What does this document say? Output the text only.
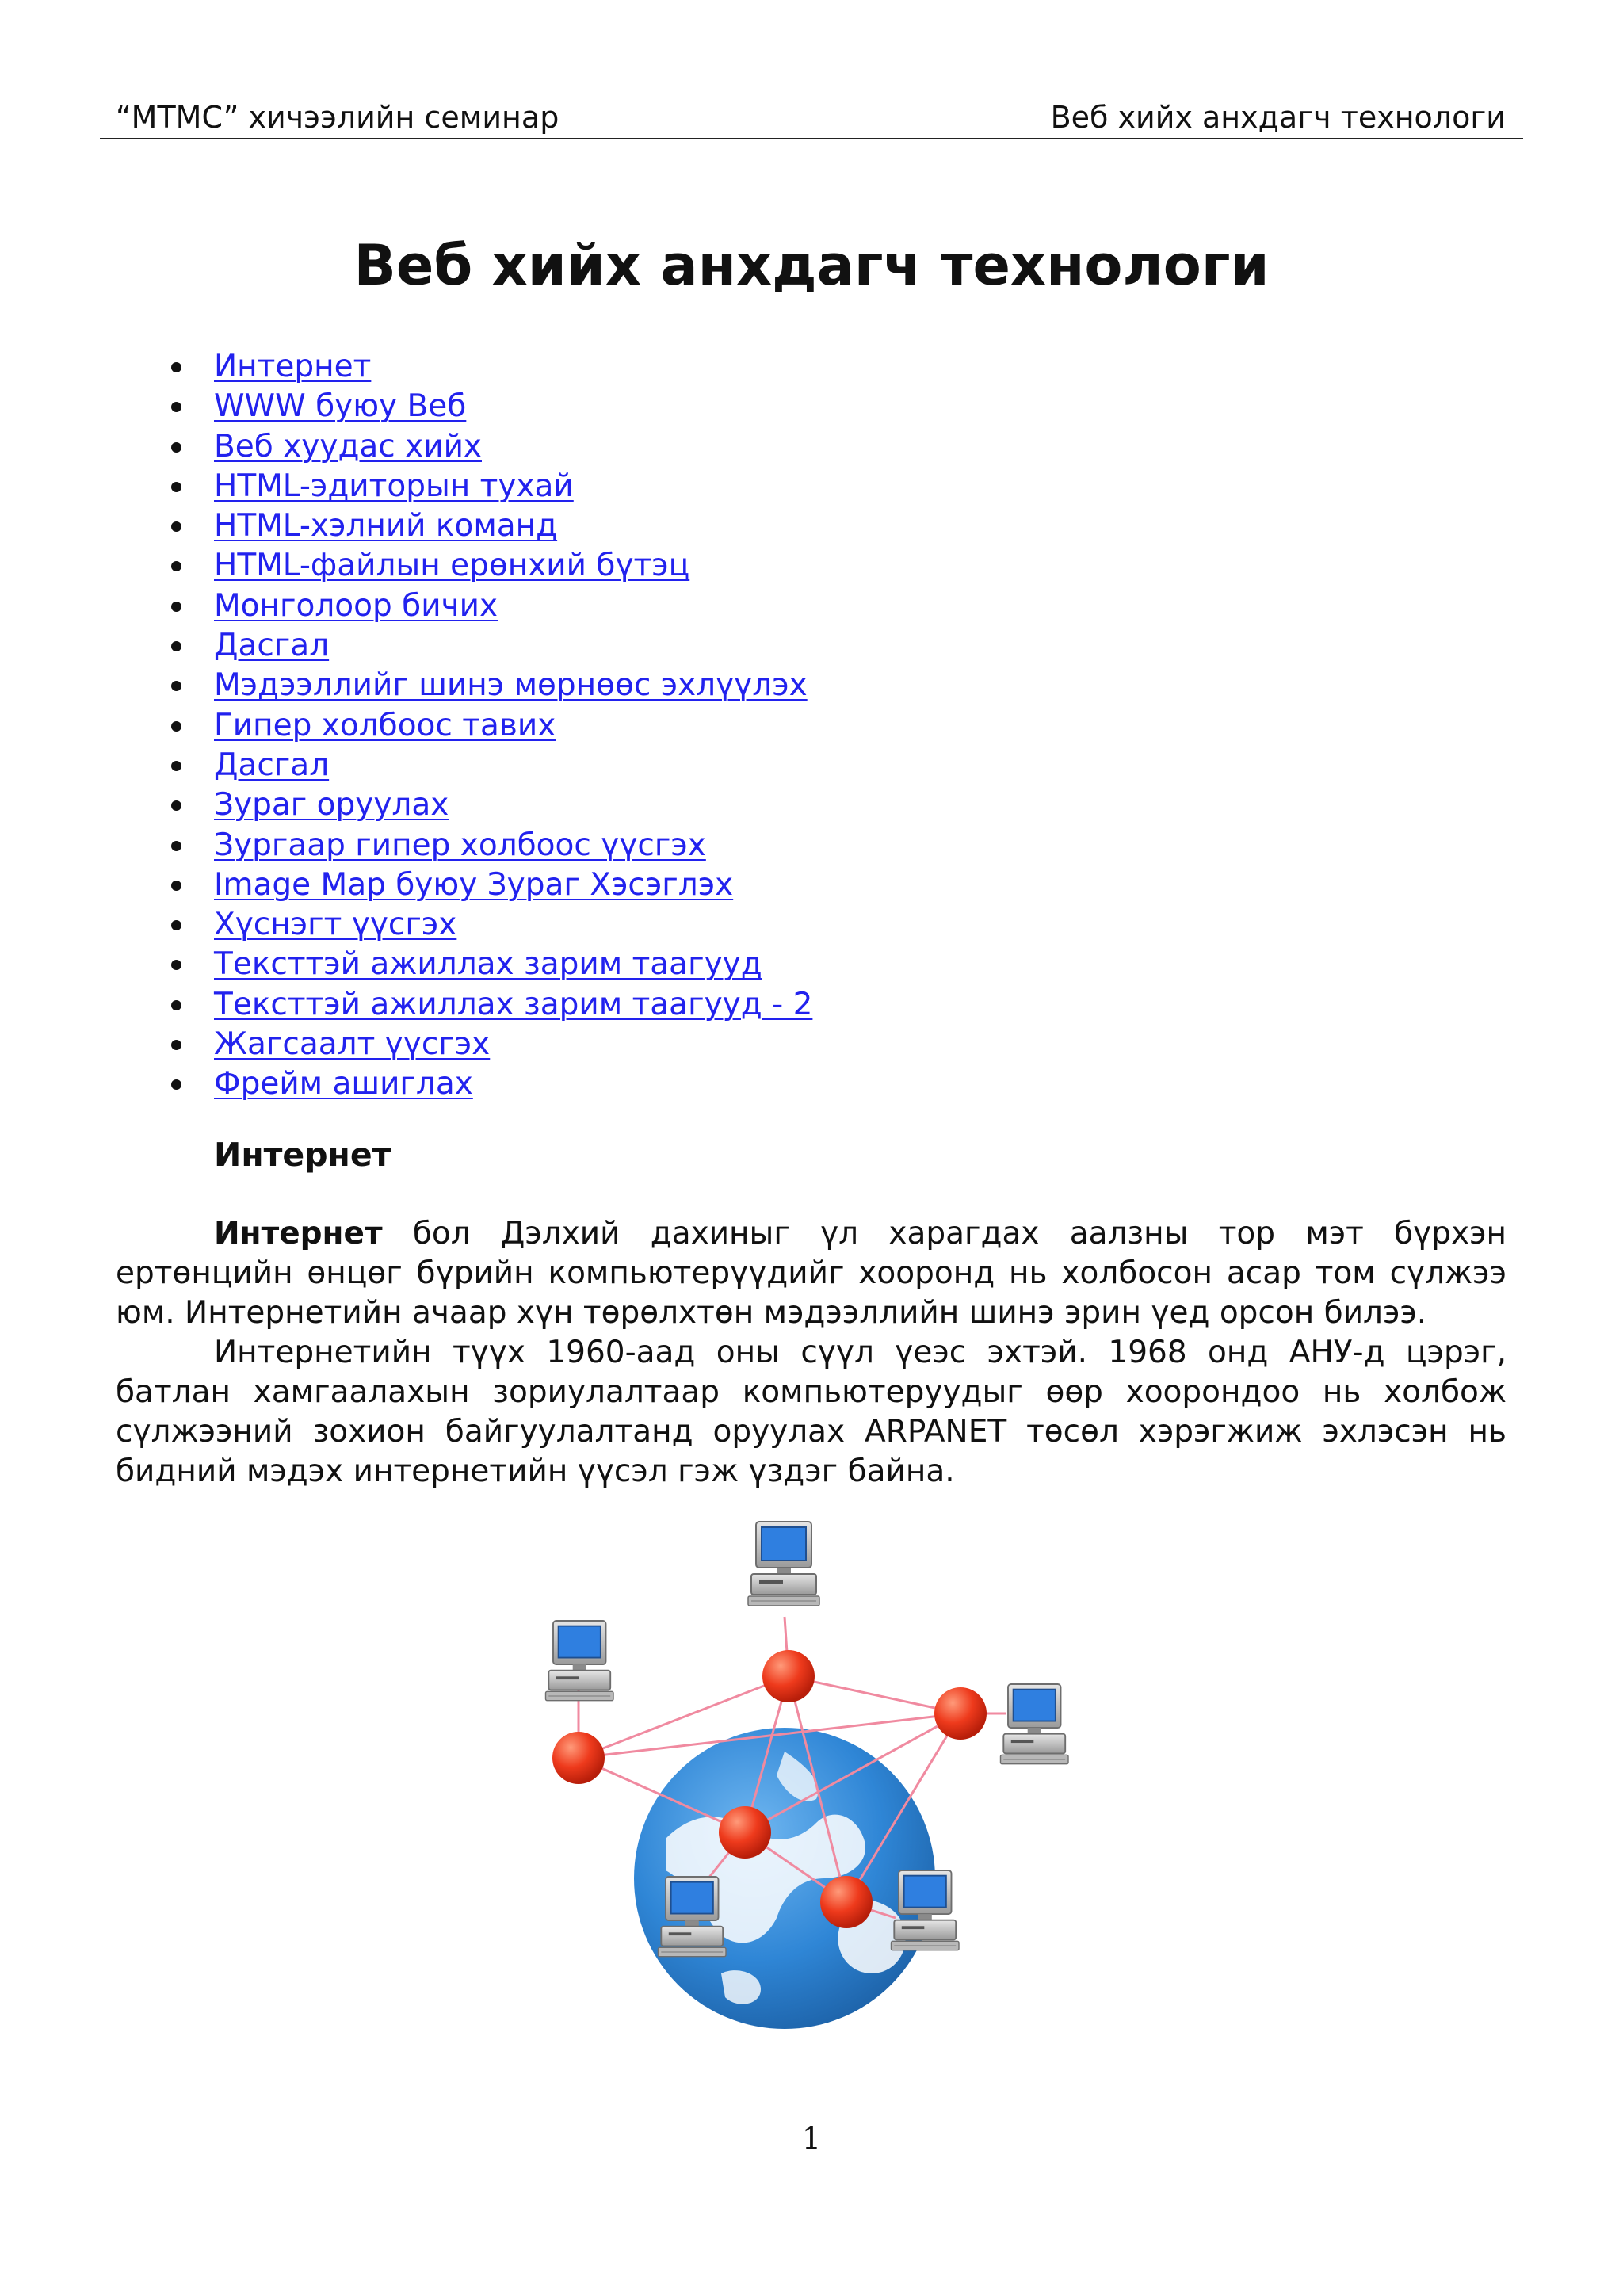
“MTMC” хичээлийн семинар	Веб хийх анхдагч технологи
Веб хийх анхдагч технологи
Интернет
WWW буюу Веб
Веб хуудас хийх
HTML-эдиторын тухай
HTML-хэлний команд
HTML-файлын ерөнхий бүтэц
Монголоор бичих
Дасгал
Мэдээллийг шинэ мөрнөөс эхлүүлэх
Гипер холбоос тавих
Дасгал
Зураг оруулах
Зургаар гипер холбоос үүсгэх
Image Map буюу Зураг Хэсэглэх
Хүснэгт үүсгэх
Тексттэй ажиллах зарим таагууд
Тексттэй ажиллах зарим таагууд - 2
Жагсаалт үүсгэх
Фрейм ашиглах
Интернет

Интернет бол Дэлхий дахиныг үл харагдах аалзны тор мэт бүрхэн ертөнцийн өнцөг бүрийн компьютерүүдийг хооронд нь холбосон асар том сүлжээ юм. Интернетийн ачаар хүн төрөлхтөн мэдээллийн шинэ эрин үед орсон билээ.

Интернетийн түүх 1960-аад оны сүүл үеэс эхтэй. 1968 онд АНУ-д цэрэг, батлан хамгаалахын зориулалтаар компьютеруудыг өөр хоорондоо нь холбож сүлжээний зохион байгуулалтанд оруулах ARPANET төсөл хэрэгжиж эхлэсэн нь бидний мэдэх интернетийн үүсэл гэж үздэг байна.

1
